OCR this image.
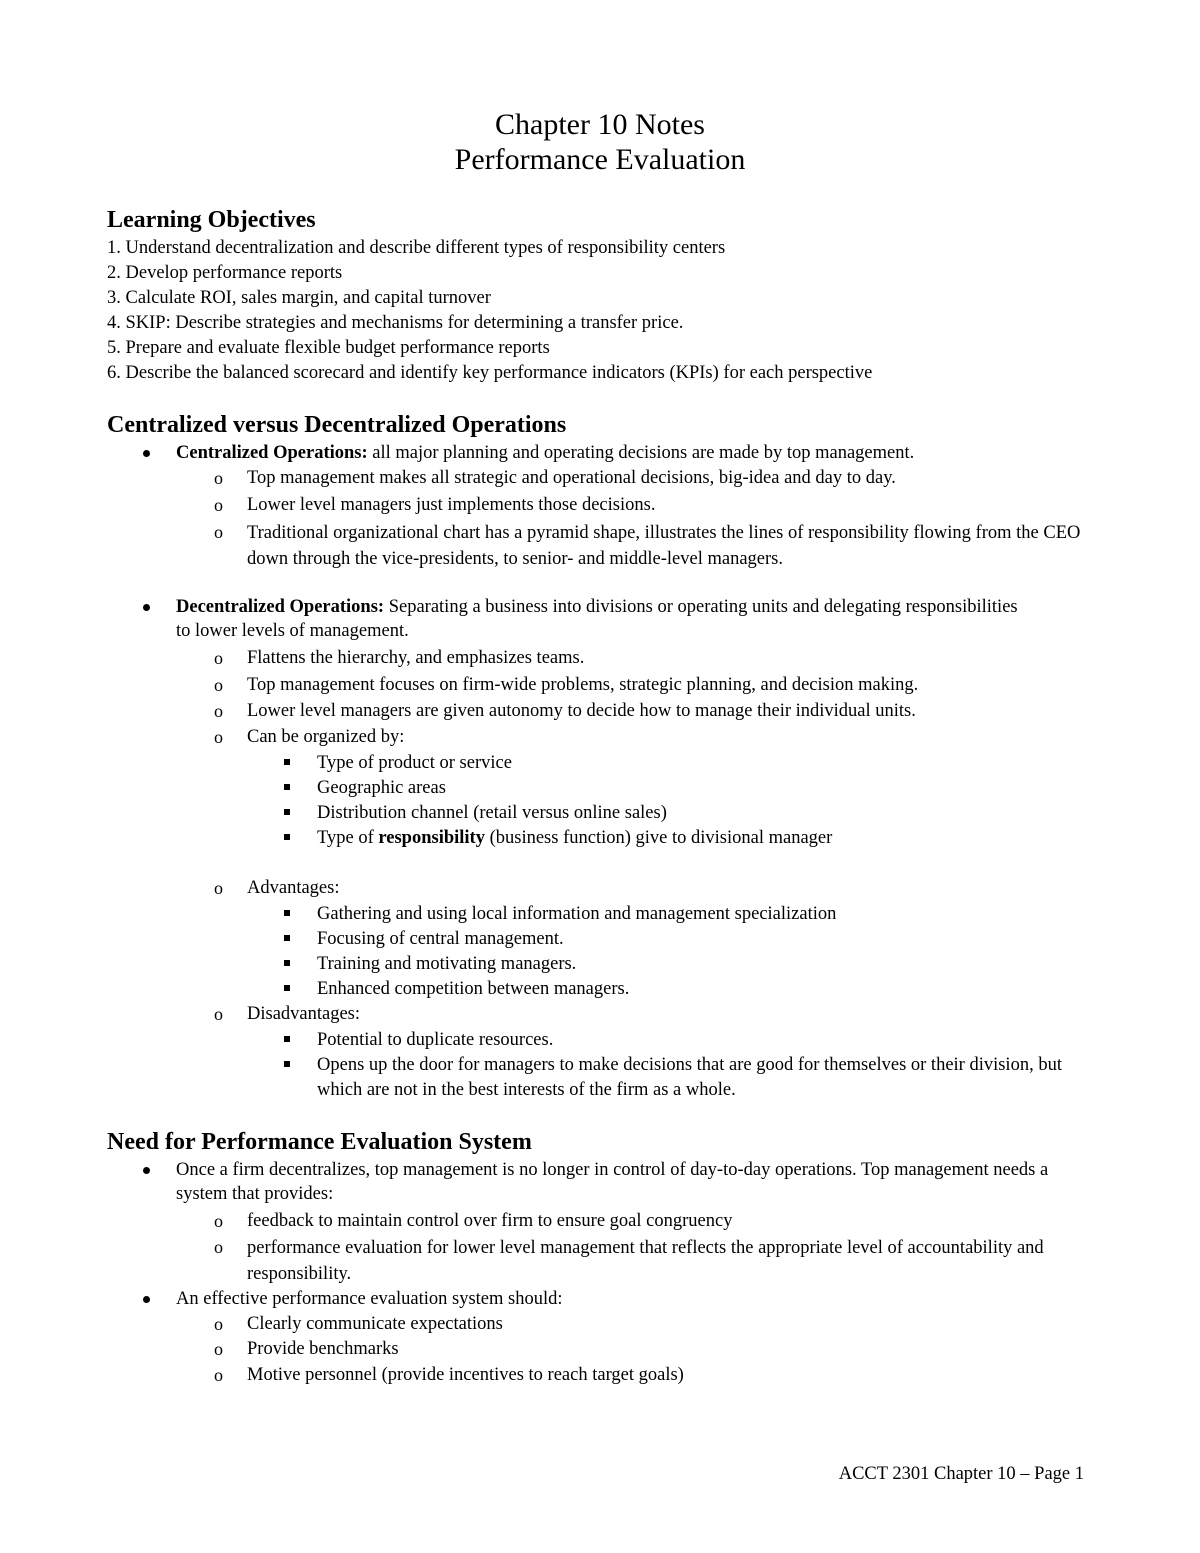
Chapter 10 Notes
Performance Evaluation
Learning Objectives
1. Understand decentralization and describe different types of responsibility centers
2. Develop performance reports
3. Calculate ROI, sales margin, and capital turnover
4. SKIP: Describe strategies and mechanisms for determining a transfer price.
5. Prepare and evaluate flexible budget performance reports
6. Describe the balanced scorecard and identify key performance indicators (KPIs) for each perspective
Centralized versus Decentralized Operations
Centralized Operations: all major planning and operating decisions are made by top management.
o Top management makes all strategic and operational decisions, big-idea and day to day.
o Lower level managers just implements those decisions.
o Traditional organizational chart has a pyramid shape, illustrates the lines of responsibility flowing from the CEO down through the vice-presidents, to senior- and middle-level managers.
Decentralized Operations: Separating a business into divisions or operating units and delegating responsibilities to lower levels of management.
o Flattens the hierarchy, and emphasizes teams.
o Top management focuses on firm-wide problems, strategic planning, and decision making.
o Lower level managers are given autonomy to decide how to manage their individual units.
o Can be organized by:
Type of product or service
Geographic areas
Distribution channel (retail versus online sales)
Type of responsibility (business function) give to divisional manager
o Advantages:
Gathering and using local information and management specialization
Focusing of central management.
Training and motivating managers.
Enhanced competition between managers.
o Disadvantages:
Potential to duplicate resources.
Opens up the door for managers to make decisions that are good for themselves or their division, but which are not in the best interests of the firm as a whole.
Need for Performance Evaluation System
Once a firm decentralizes, top management is no longer in control of day-to-day operations. Top management needs a system that provides:
o feedback to maintain control over firm to ensure goal congruency
o performance evaluation for lower level management that reflects the appropriate level of accountability and responsibility.
An effective performance evaluation system should:
o Clearly communicate expectations
o Provide benchmarks
o Motive personnel (provide incentives to reach target goals)
ACCT 2301 Chapter 10 – Page 1
